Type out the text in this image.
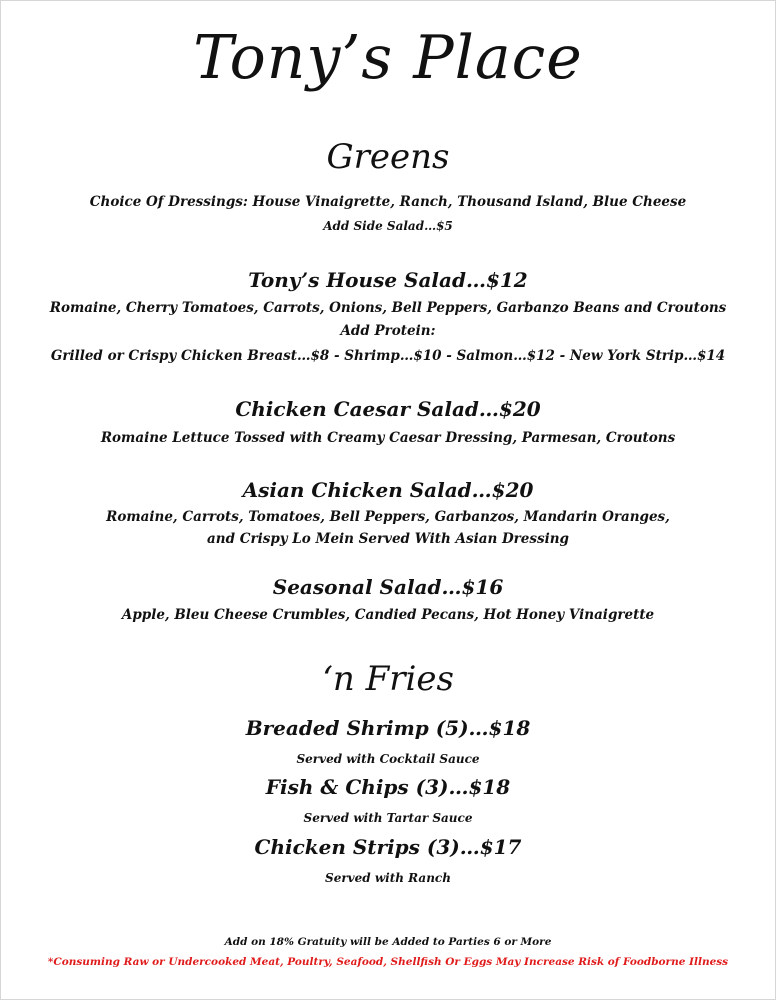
Tony’s Place
Greens
Choice Of Dressings: House Vinaigrette, Ranch, Thousand Island, Blue Cheese
Add Side Salad…$5
Tony’s House Salad…$12
Romaine, Cherry Tomatoes, Carrots, Onions, Bell Peppers, Garbanzo Beans and Croutons
Add Protein:
Grilled or Crispy Chicken Breast…$8 - Shrimp…$10 - Salmon…$12 - New York Strip…$14
Chicken Caesar Salad…$20
Romaine Lettuce Tossed with Creamy Caesar Dressing, Parmesan, Croutons
Asian Chicken Salad…$20
Romaine, Carrots, Tomatoes, Bell Peppers, Garbanzos, Mandarin Oranges,
and Crispy Lo Mein Served With Asian Dressing
Seasonal Salad…$16
Apple, Bleu Cheese Crumbles, Candied Pecans, Hot Honey Vinaigrette
‘n Fries
Breaded Shrimp (5)…$18
Served with Cocktail Sauce
Fish & Chips (3)…$18
Served with Tartar Sauce
Chicken Strips (3)…$17
Served with Ranch
Add on 18% Gratuity will be Added to Parties 6 or More
*Consuming Raw or Undercooked Meat, Poultry, Seafood, Shellfish Or Eggs May Increase Risk of Foodborne Illness
